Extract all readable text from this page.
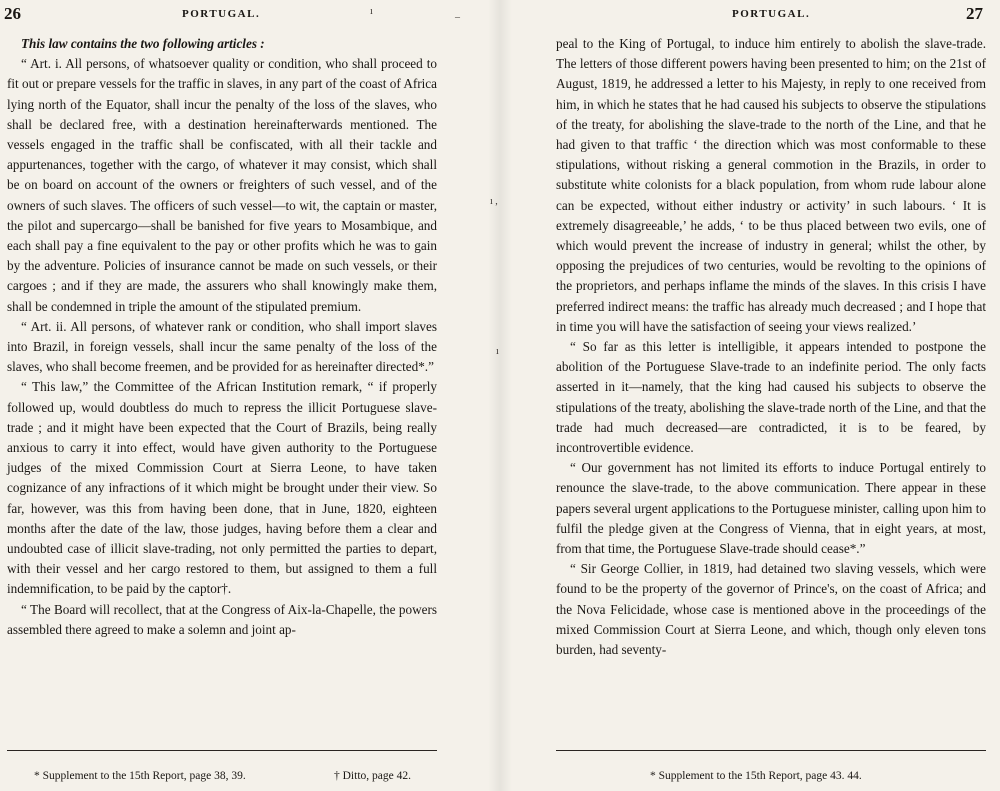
26	PORTUGAL.

This law contains the two following articles :

“ Art. i. All persons, of whatsoever quality or condition, who shall proceed to fit out or prepare vessels for the traffic in slaves, in any part of the coast of Africa lying north of the Equator, shall incur the penalty of the loss of the slaves, who shall be declared free, with a destination hereinafterwards mentioned. The vessels engaged in the traffic shall be confiscated, with all their tackle and appurtenances, together with the cargo, of whatever it may consist, which shall be on board on account of the owners or freighters of such vessel, and of the owners of such slaves. The officers of such vessel—to wit, the captain or master, the pilot and supercargo—shall be banished for five years to Mosambique, and each shall pay a fine equivalent to the pay or other profits which he was to gain by the adventure. Policies of insurance cannot be made on such vessels, or their cargoes ; and if they are made, the assurers who shall knowingly make them, shall be condemned in triple the amount of the stipulated premium.

“ Art. ii. All persons, of whatever rank or condition, who shall import slaves into Brazil, in foreign vessels, shall incur the same penalty of the loss of the slaves, who shall become freemen, and be provided for as hereinafter directed*.”

“ This law,” the Committee of the African Institution remark, “ if properly followed up, would doubtless do much to repress the illicit Portuguese slave-trade ; and it might have been expected that the Court of Brazils, being really anxious to carry it into effect, would have given authority to the Portuguese judges of the mixed Commission Court at Sierra Leone, to have taken cognizance of any infractions of it which might be brought under their view. So far, however, was this from having been done, that in June, 1820, eighteen months after the date of the law, those judges, having before them a clear and undoubted case of illicit slave-trading, not only permitted the parties to depart, with their vessel and her cargo restored to them, but assigned to them a full indemnification, to be paid by the captor†.

“ The Board will recollect, that at the Congress of Aix-la-Chapelle, the powers assembled there agreed to make a solemn and joint ap-

* Supplement to the 15th Report, page 38, 39.	† Ditto, page 42.
ı
‒
ı ,
ı
PORTUGAL.	27

peal to the King of Portugal, to induce him entirely to abolish the slave-trade. The letters of those different powers having been presented to him; on the 21st of August, 1819, he addressed a letter to his Majesty, in reply to one received from him, in which he states that he had caused his subjects to observe the stipulations of the treaty, for abolishing the slave-trade to the north of the Line, and that he had given to that traffic ‘ the direction which was most conformable to these stipulations, without risking a general commotion in the Brazils, in order to substitute white colonists for a black population, from whom rude labour alone can be expected, without either industry or activity’ in such labours. ‘ It is extremely disagreeable,’ he adds, ‘ to be thus placed between two evils, one of which would prevent the increase of industry in general; whilst the other, by opposing the prejudices of two centuries, would be revolting to the opinions of the proprietors, and perhaps inflame the minds of the slaves. In this crisis I have preferred indirect means: the traffic has already much decreased ; and I hope that in time you will have the satisfaction of seeing your views realized.’

“ So far as this letter is intelligible, it appears intended to postpone the abolition of the Portuguese Slave-trade to an indefinite period. The only facts asserted in it—namely, that the king had caused his subjects to observe the stipulations of the treaty, abolishing the slave-trade north of the Line, and that the trade had much decreased—are contradicted, it is to be feared, by incontrovertible evidence.

“ Our government has not limited its efforts to induce Portugal entirely to renounce the slave-trade, to the above communication. There appear in these papers several urgent applications to the Portuguese minister, calling upon him to fulfil the pledge given at the Congress of Vienna, that in eight years, at most, from that time, the Portuguese Slave-trade should cease*.”

“ Sir George Collier, in 1819, had detained two slaving vessels, which were found to be the property of the governor of Prince's, on the coast of Africa; and the Nova Felicidade, whose case is mentioned above in the proceedings of the mixed Commission Court at Sierra Leone, and which, though only eleven tons burden, had seventy-

* Supplement to the 15th Report, page 43. 44.
